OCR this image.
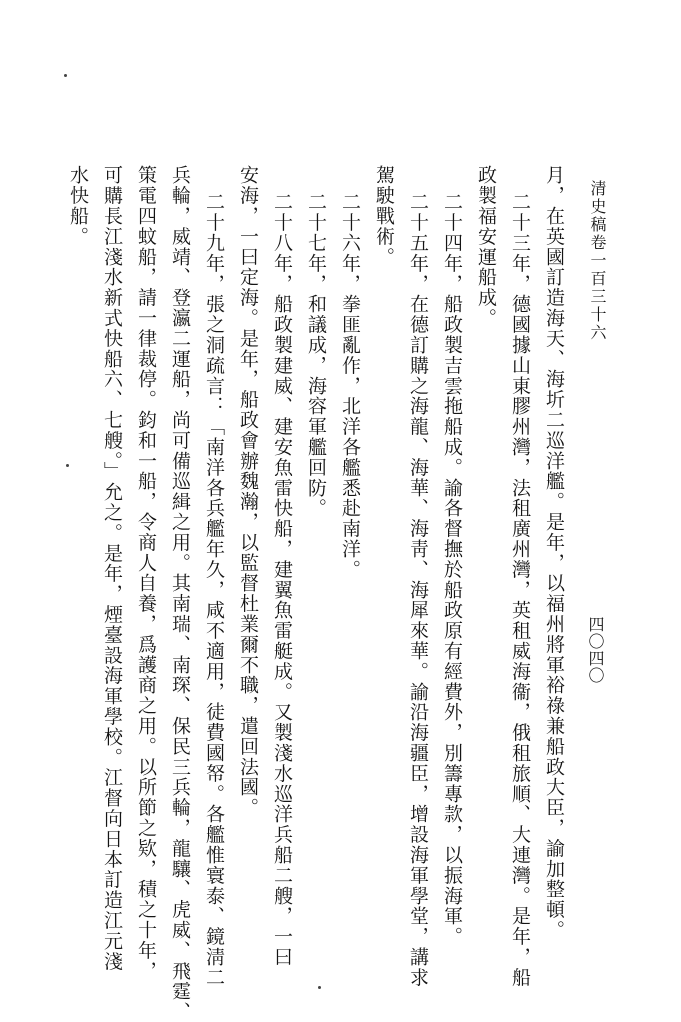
清史稿卷一百三十六
四〇四〇
月，在英國訂造海天、海圻二巡洋艦。是年，以福州將軍裕祿兼船政大臣，諭加整頓。
二十三年，德國據山東膠州灣，法租廣州灣，英租威海衞，俄租旅順、大連灣。是年，船
政製福安運船成。
二十四年，船政製吉雲拖船成。諭各督撫於船政原有經費外，別籌專款，以振海軍。
二十五年，在德訂購之海龍、海華、海靑、海犀來華。諭沿海疆臣，增設海軍學堂，講求
駕駛戰術。
二十六年，拳匪亂作，北洋各艦悉赴南洋。
二十七年，和議成，海容軍艦回防。
二十八年，船政製建威、建安魚雷快船，建翼魚雷艇成。又製淺水巡洋兵船二艘，一曰
安海，一曰定海。是年，船政會辦魏瀚，以監督杜業爾不職，遣回法國。
二十九年，張之洞疏言：「南洋各兵艦年久，咸不適用，徒費國帑。各艦惟寰泰、鏡淸二
兵輪，威靖、登瀛二運船，尚可備巡緝之用。其南瑞、南琛、保民三兵輪，龍驤、虎威、飛霆、
策電四蚊船，請一律裁停。鈞和一船，令商人自養，爲護商之用。以所節之欵，積之十年，
可購長江淺水新式快船六、七艘。」允之。是年，煙臺設海軍學校。江督向日本訂造江元淺
水快船。
